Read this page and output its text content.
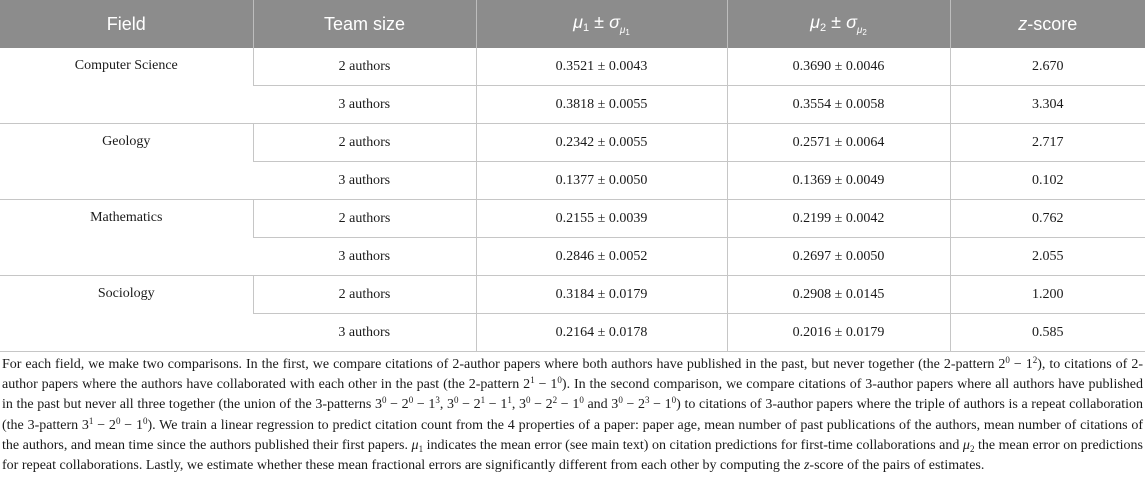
Field	Team size	$\mu 1 \pm \sigma_{\mu_1}$	$\mu 2 \pm \sigma_{\mu_2}$	z-score
Computer Science	2 authors	0.3521 ± 0.0043	0.3690 ± 0.0046	2.670
	3 authors	0.3818 ± 0.0055	0.3554 ± 0.0058	3.304
Geology	2 authors	0.2342 ± 0.0055	0.2571 ± 0.0064	2.717
	3 authors	0.1377 ± 0.0050	0.1369 ± 0.0049	0.102
Mathematics	2 authors	0.2155 ± 0.0039	0.2199 ± 0.0042	0.762
	3 authors	0.2846 ± 0.0052	0.2697 ± 0.0050	2.055
Sociology	2 authors	0.3184 ± 0.0179	0.2908 ± 0.0145	1.200
	3 authors	0.2164 ± 0.0178	0.2016 ± 0.0179	0.585

For each field, we make two comparisons. In the first, we compare citations of 2-author papers where both authors have published in the past, but never together (the 2-pattern $2^0 - 1^2$), to citations of 2-author papers where the authors have collaborated with each other in the past (the 2-pattern $2^1 - 1^0$). In the second comparison, we compare citations of 3-author papers where all authors have published in the past but never all three together (the union of the 3-patterns $3^0 - 2^0 - 1^3$, $3^0 - 2^1 - 1^1$, $3^0 - 2^2 - 1^0$ and $3^0 - 2^3 - 1^0$) to citations of 3-author papers where the triple of authors is a repeat collaboration (the 3-pattern $3^1 - 2^0 - 1^0$). We train a linear regression to predict citation count from the 4 properties of a paper: paper age, mean number of past publications of the authors, mean number of citations of the authors, and mean time since the authors published their first papers. $\mu_1$ indicates the mean error (see main text) on citation predictions for first-time collaborations and $\mu_2$ the mean error on predictions for repeat collaborations. Lastly, we estimate whether these mean fractional errors are significantly different from each other by computing the z-score of the pairs of estimates.
